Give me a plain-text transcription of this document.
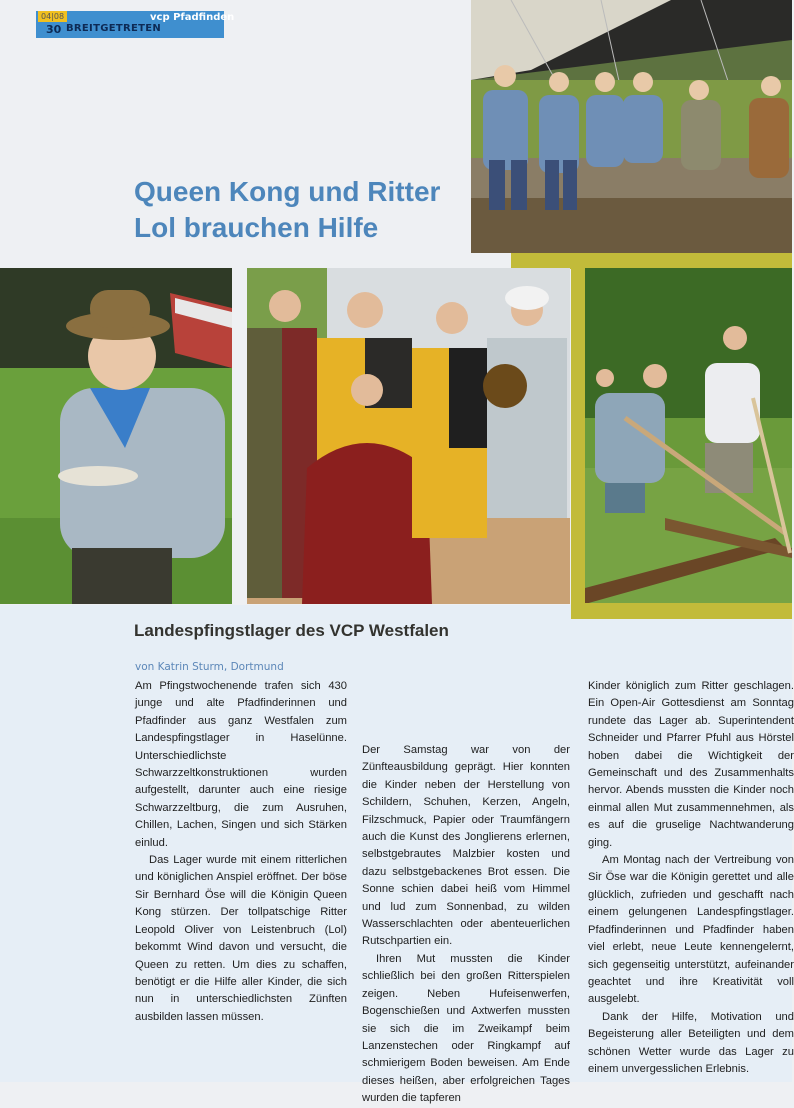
04|08
30 BREITGETRETEN
vcp Pfadfinden
Queen Kong und Ritter
Lol brauchen Hilfe
Landespfingstlager des VCP Westfalen
von Katrin Sturm, Dortmund

Am Pfingstwochenende trafen sich 430 junge und alte Pfadfinderinnen und Pfadfinder aus ganz Westfalen zum Landespfingstlager in Haselünne. Unterschiedlichste Schwarzzeltkonstruktionen wurden aufgestellt, darunter auch eine riesige Schwarzzeltburg, die zum Ausruhen, Chillen, Lachen, Singen und sich Stärken einlud.

Das Lager wurde mit einem ritterlichen und königlichen Anspiel eröffnet. Der böse Sir Bernhard Öse will die Königin Queen Kong stürzen. Der tollpatschige Ritter Leopold Oliver von Leistenbruch (Lol) bekommt Wind davon und versucht, die Queen zu retten. Um dies zu schaffen, benötigt er die Hilfe aller Kinder, die sich nun in unterschiedlichsten Zünften ausbilden lassen müssen.

Der Samstag war von der Zünfteausbildung geprägt. Hier konnten die Kinder neben der Herstellung von Schildern, Schuhen, Kerzen, Angeln, Filzschmuck, Papier oder Traumfängern auch die Kunst des Jonglierens erlernen, selbstgebrautes Malzbier kosten und dazu selbstgebackenes Brot essen. Die Sonne schien dabei heiß vom Himmel und lud zum Sonnenbad, zu wilden Wasserschlachten oder abenteuerlichen Rutschpartien ein.

Ihren Mut mussten die Kinder schließlich bei den großen Ritterspielen zeigen. Neben Hufeisenwerfen, Bogenschießen und Axtwerfen mussten sie sich die im Zweikampf beim Lanzenstechen oder Ringkampf auf schmierigem Boden beweisen. Am Ende dieses heißen, aber erfolgreichen Tages wurden die tapferen

Kinder königlich zum Ritter geschlagen. Ein Open-Air Gottesdienst am Sonntag rundete das Lager ab. Superintendent Schneider und Pfarrer Pfuhl aus Hörstel hoben dabei die Wichtigkeit der Gemeinschaft und des Zusammenhalts hervor. Abends mussten die Kinder noch einmal allen Mut zusammennehmen, als es auf die gruselige Nachtwanderung ging.

Am Montag nach der Vertreibung von Sir Öse war die Königin gerettet und alle glücklich, zufrieden und geschafft nach einem gelungenen Landespfingstlager. Pfadfinderinnen und Pfadfinder haben viel erlebt, neue Leute kennengelernt, sich gegenseitig unterstützt, aufeinander geachtet und ihre Kreativität voll ausgelebt.

Dank der Hilfe, Motivation und Begeisterung aller Beteiligten und dem schönen Wetter wurde das Lager zu einem unvergesslichen Erlebnis.
